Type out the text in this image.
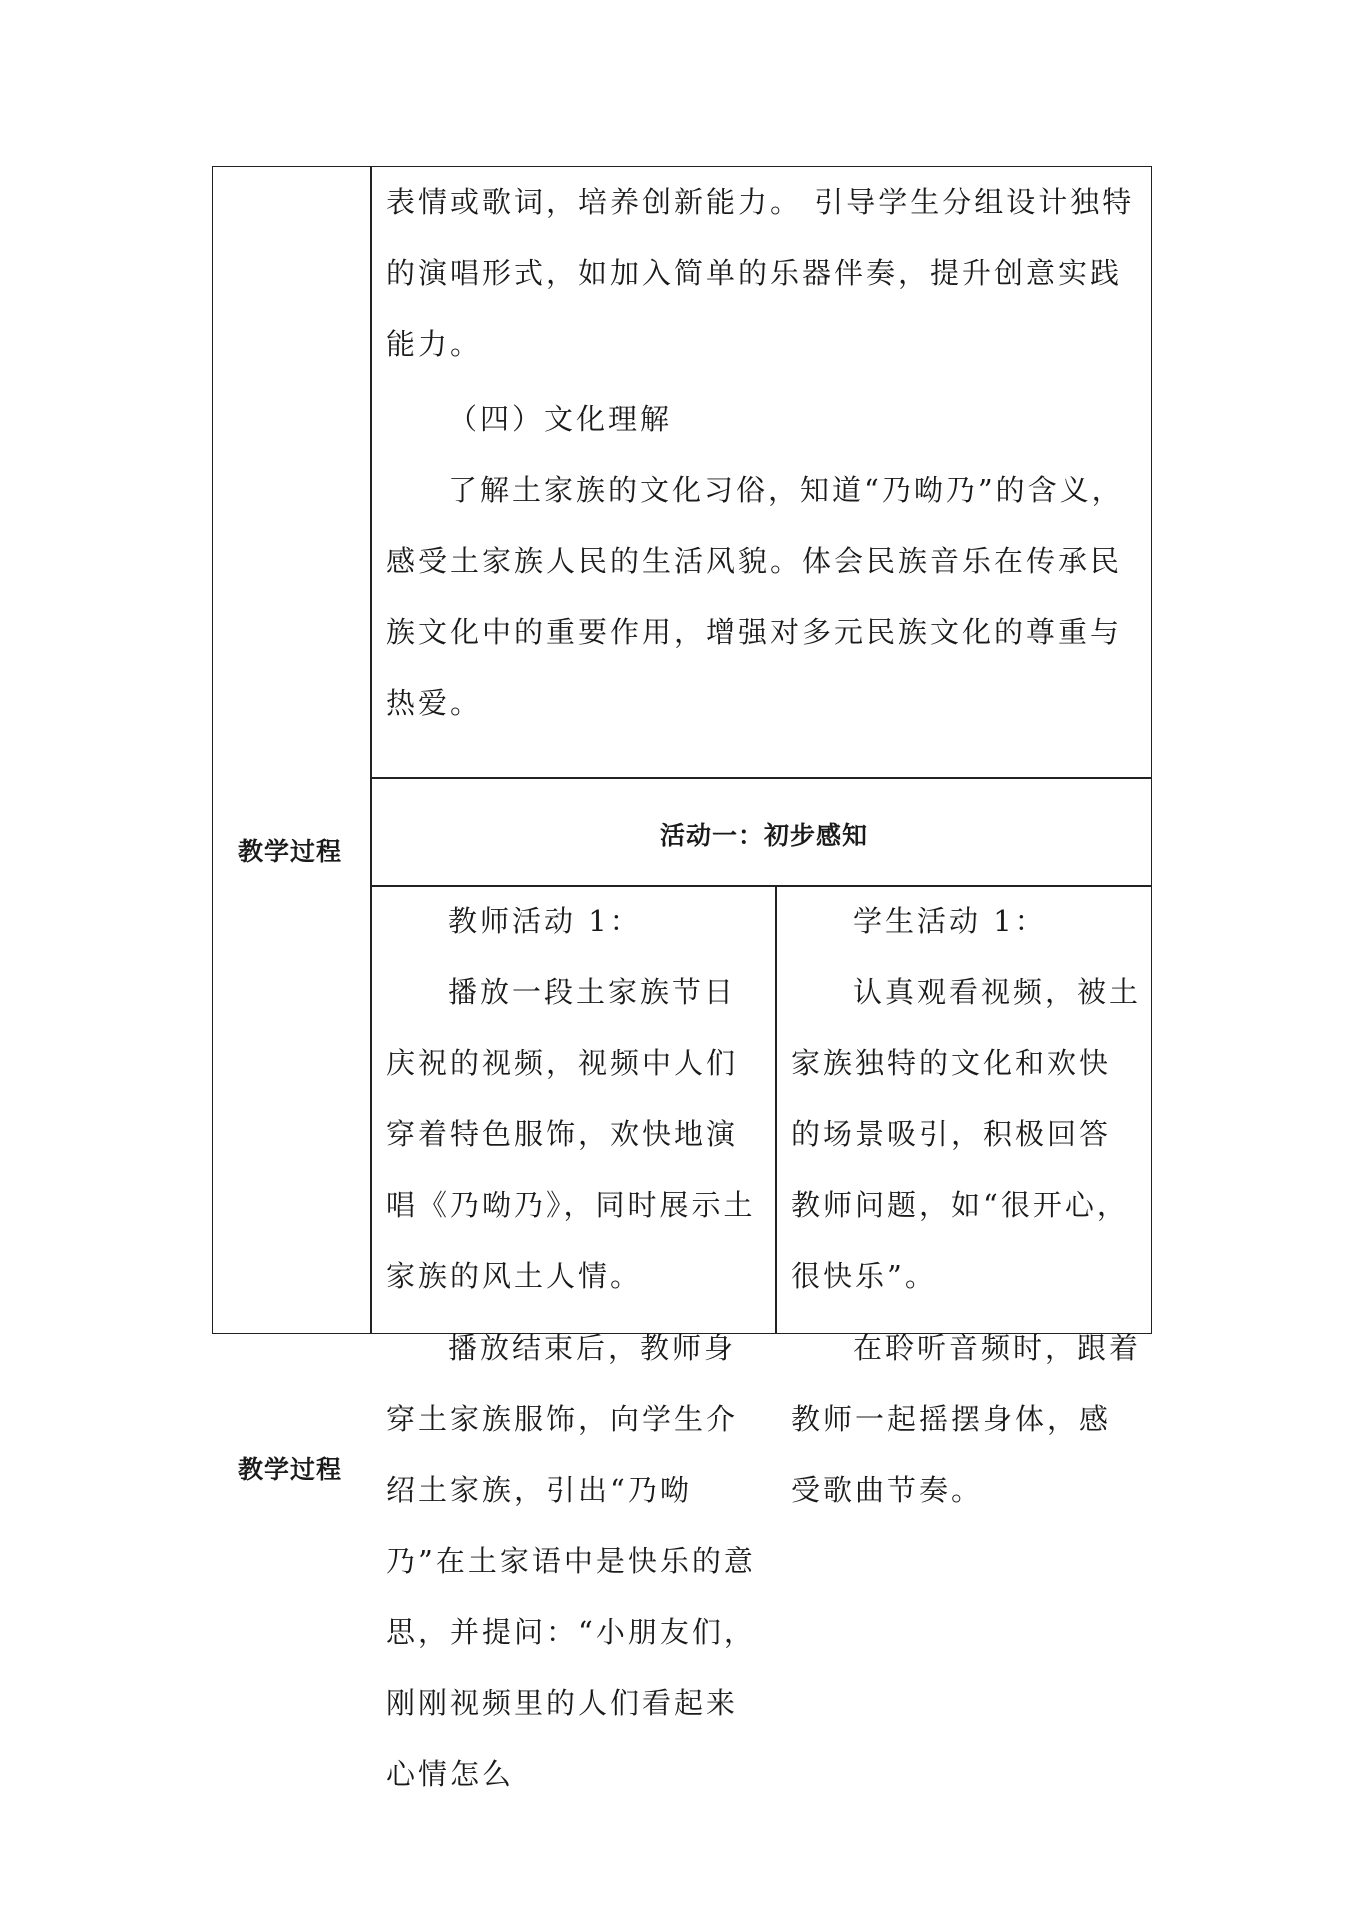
表情或歌词，培养创新能力。 引导学生分组设计独特的演唱形式，如加入简单的乐器伴奏，提升创意实践能力。

（四）文化理解

了解土家族的文化习俗，知道“乃呦乃”的含义，感受土家族人民的生活风貌。体会民族音乐在传承民族文化中的重要作用，增强对多元民族文化的尊重与热爱。

教学过程
教学过程
活动一：初步感知
教师活动 1：

播放一段土家族节日庆祝的视频，视频中人们穿着特色服饰，欢快地演唱《乃呦乃》，同时展示土家族的风土人情。

播放结束后，教师身穿土家族服饰，向学生介绍土家族，引出“乃呦乃”在土家语中是快乐的意思，并提问：“小朋友们，刚刚视频里的人们看起来心情怎么

学生活动 1：

认真观看视频，被土家族独特的文化和欢快的场景吸引，积极回答教师问题，如“很开心，很快乐”。

在聆听音频时，跟着教师一起摇摆身体，感受歌曲节奏。
